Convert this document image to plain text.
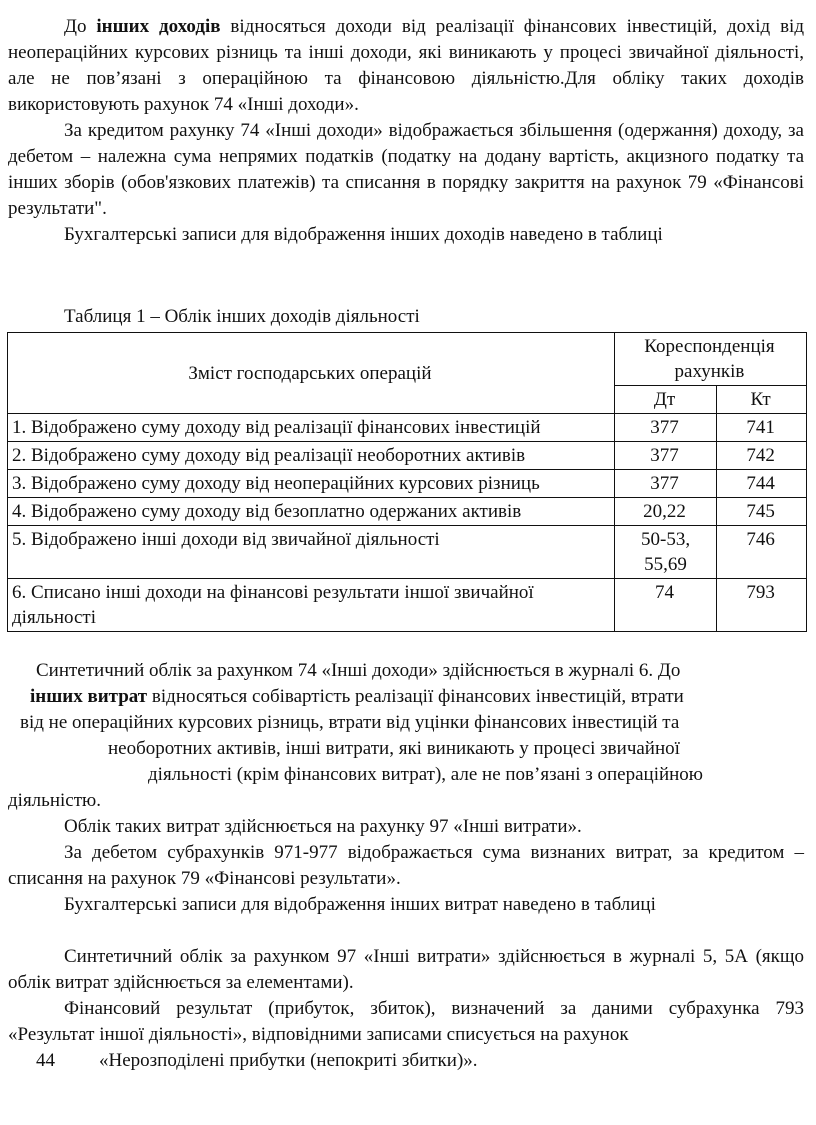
До інших доходів відносяться доходи від реалізації фінансових інвестицій, дохід від неопераційних курсових різниць та інші доходи, які виникають у процесі звичайної діяльності, але не пов’язані з операційною та фінансовою діяльністю.Для обліку таких доходів використовують рахунок 74 «Інші доходи».

За кредитом рахунку 74 «Інші доходи» відображається збільшення (одержання) доходу, за дебетом – належна сума непрямих податків (податку на додану вартість, акцизного податку та інших зборів (обов'язкових платежів) та списання в порядку закриття на рахунок 79 «Фінансові результати".

Бухгалтерські записи для відображення інших доходів наведено в таблиці

Таблиця 1 – Облік інших доходів діяльності
Зміст господарських операцій	Кореспонденція рахунків	
	Дт	Кт
1. Відображено суму доходу від реалізації фінансових інвестицій	377	741
2. Відображено суму доходу від реалізації необоротних активів	377	742
3. Відображено суму доходу від неопераційних курсових різниць	377	744
4. Відображено суму доходу від безоплатно одержаних активів	20,22	745
5. Відображено інші доходи від звичайної діяльності	50-53, 55,69	746
6. Списано інші доходи на фінансові результати іншої звичайної діяльності	74	793

Синтетичний облік за рахунком 74 «Інші доходи» здійснюється в журналі 6. До

інших витрат відносяться собівартість реалізації фінансових інвестицій, втрати

від не операційних курсових різниць, втрати від уцінки фінансових інвестицій та

необоротних активів, інші витрати, які виникають у процесі звичайної

діяльності (крім фінансових витрат), але не пов’язані з операційною

діяльністю.

Облік таких витрат здійснюється на рахунку 97 «Інші витрати».

За дебетом субрахунків 971-977 відображається сума визнаних витрат, за кредитом – списання на рахунок 79 «Фінансові результати».

Бухгалтерські записи для відображення інших витрат наведено в таблиці

Синтетичний облік за рахунком 97 «Інші витрати» здійснюється в журналі 5, 5А (якщо облік витрат здійснюється за елементами).

Фінансовий результат (прибуток, збиток), визначений за даними субрахунка 793 «Результат іншої діяльності», відповідними записами списується на рахунок

44 «Нерозподілені прибутки (непокриті збитки)».
